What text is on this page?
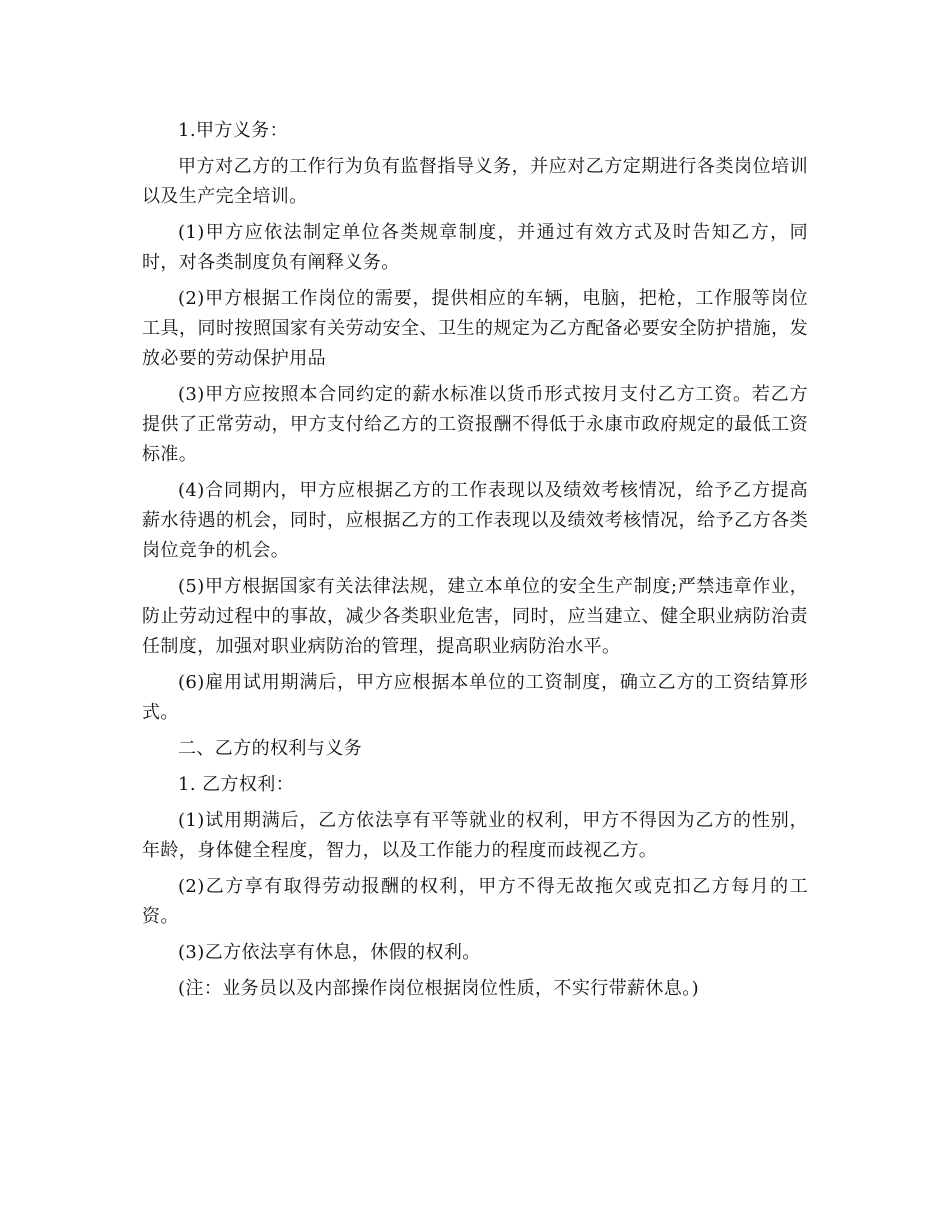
1.甲方义务：

甲方对乙方的工作行为负有监督指导义务，并应对乙方定期进行各类岗位培训以及生产完全培训。

(1)甲方应依法制定单位各类规章制度，并通过有效方式及时告知乙方，同时，对各类制度负有阐释义务。

(2)甲方根据工作岗位的需要，提供相应的车辆，电脑，把枪，工作服等岗位工具，同时按照国家有关劳动安全、卫生的规定为乙方配备必要安全防护措施，发放必要的劳动保护用品

(3)甲方应按照本合同约定的薪水标准以货币形式按月支付乙方工资。若乙方提供了正常劳动，甲方支付给乙方的工资报酬不得低于永康市政府规定的最低工资标准。

(4)合同期内，甲方应根据乙方的工作表现以及绩效考核情况，给予乙方提高薪水待遇的机会，同时，应根据乙方的工作表现以及绩效考核情况，给予乙方各类岗位竞争的机会。

(5)甲方根据国家有关法律法规，建立本单位的安全生产制度;严禁违章作业，防止劳动过程中的事故，减少各类职业危害，同时，应当建立、健全职业病防治责任制度，加强对职业病防治的管理，提高职业病防治水平。

(6)雇用试用期满后，甲方应根据本单位的工资制度，确立乙方的工资结算形式。

二、乙方的权利与义务

1. 乙方权利：

(1)试用期满后，乙方依法享有平等就业的权利，甲方不得因为乙方的性别，年龄，身体健全程度，智力，以及工作能力的程度而歧视乙方。

(2)乙方享有取得劳动报酬的权利，甲方不得无故拖欠或克扣乙方每月的工资。

(3)乙方依法享有休息，休假的权利。

(注：业务员以及内部操作岗位根据岗位性质，不实行带薪休息。)
